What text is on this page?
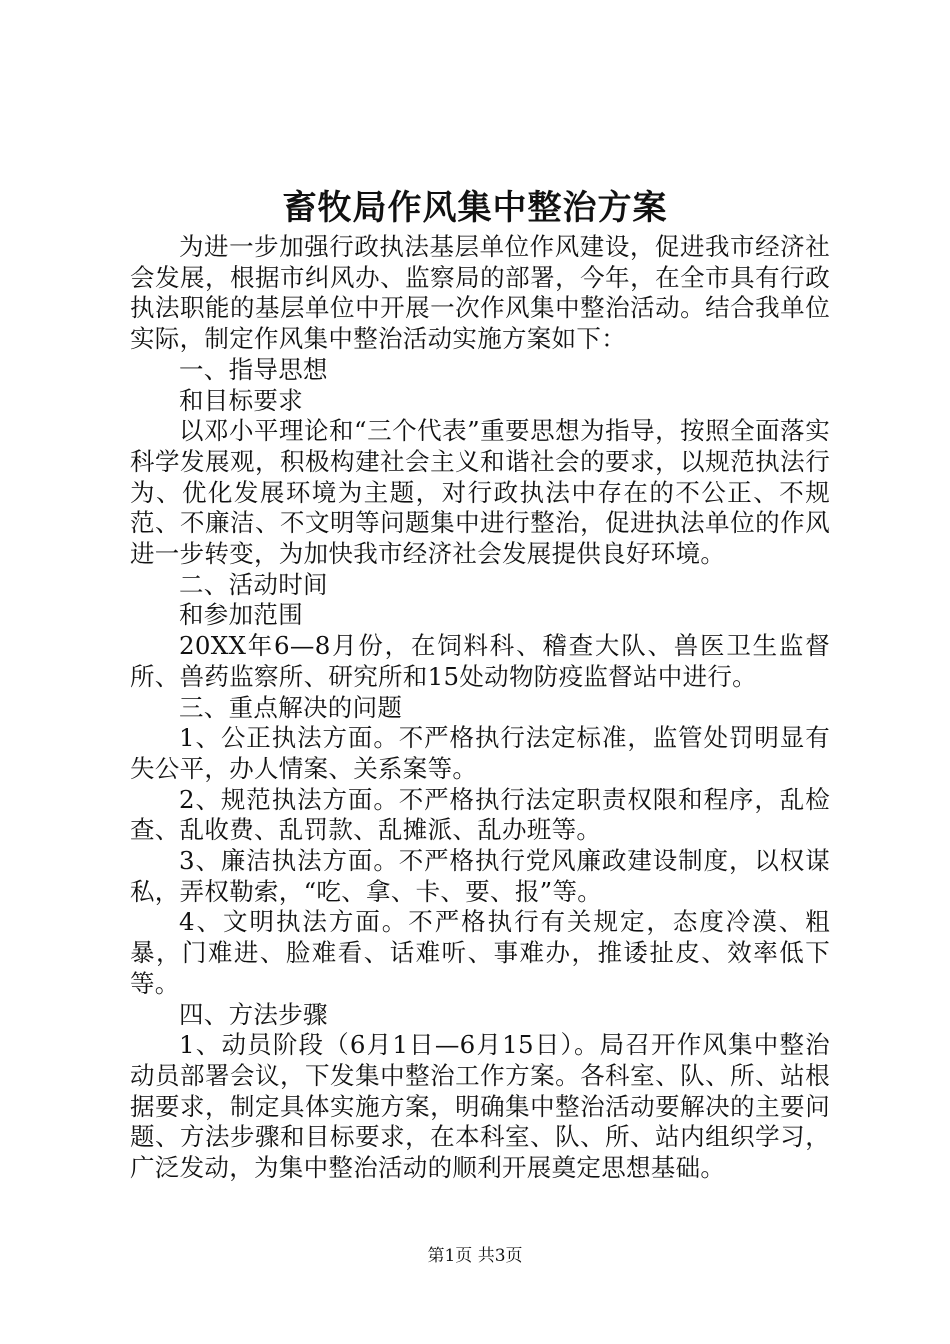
畜牧局作风集中整治方案

为进一步加强行政执法基层单位作风建设，促进我市经济社会发展，根据市纠风办、监察局的部署，今年，在全市具有行政执法职能的基层单位中开展一次作风集中整治活动。结合我单位实际，制定作风集中整治活动实施方案如下：

一、指导思想

和目标要求

以邓小平理论和“三个代表”重要思想为指导，按照全面落实科学发展观，积极构建社会主义和谐社会的要求，以规范执法行为、优化发展环境为主题，对行政执法中存在的不公正、不规范、不廉洁、不文明等问题集中进行整治，促进执法单位的作风进一步转变，为加快我市经济社会发展提供良好环境。

二、活动时间

和参加范围

20XX年6—8月份，在饲料科、稽查大队、兽医卫生监督所、兽药监察所、研究所和15处动物防疫监督站中进行。

三、重点解决的问题

1、公正执法方面。不严格执行法定标准，监管处罚明显有失公平，办人情案、关系案等。

2、规范执法方面。不严格执行法定职责权限和程序，乱检查、乱收费、乱罚款、乱摊派、乱办班等。

3、廉洁执法方面。不严格执行党风廉政建设制度，以权谋私，弄权勒索，“吃、拿、卡、要、报”等。

4、文明执法方面。不严格执行有关规定，态度冷漠、粗暴，门难进、脸难看、话难听、事难办，推诿扯皮、效率低下等。

四、方法步骤

1、动员阶段（6月1日—6月15日）。局召开作风集中整治动员部署会议，下发集中整治工作方案。各科室、队、所、站根据要求，制定具体实施方案，明确集中整治活动要解决的主要问题、方法步骤和目标要求，在本科室、队、所、站内组织学习，广泛发动，为集中整治活动的顺利开展奠定思想基础。

第1页 共3页
